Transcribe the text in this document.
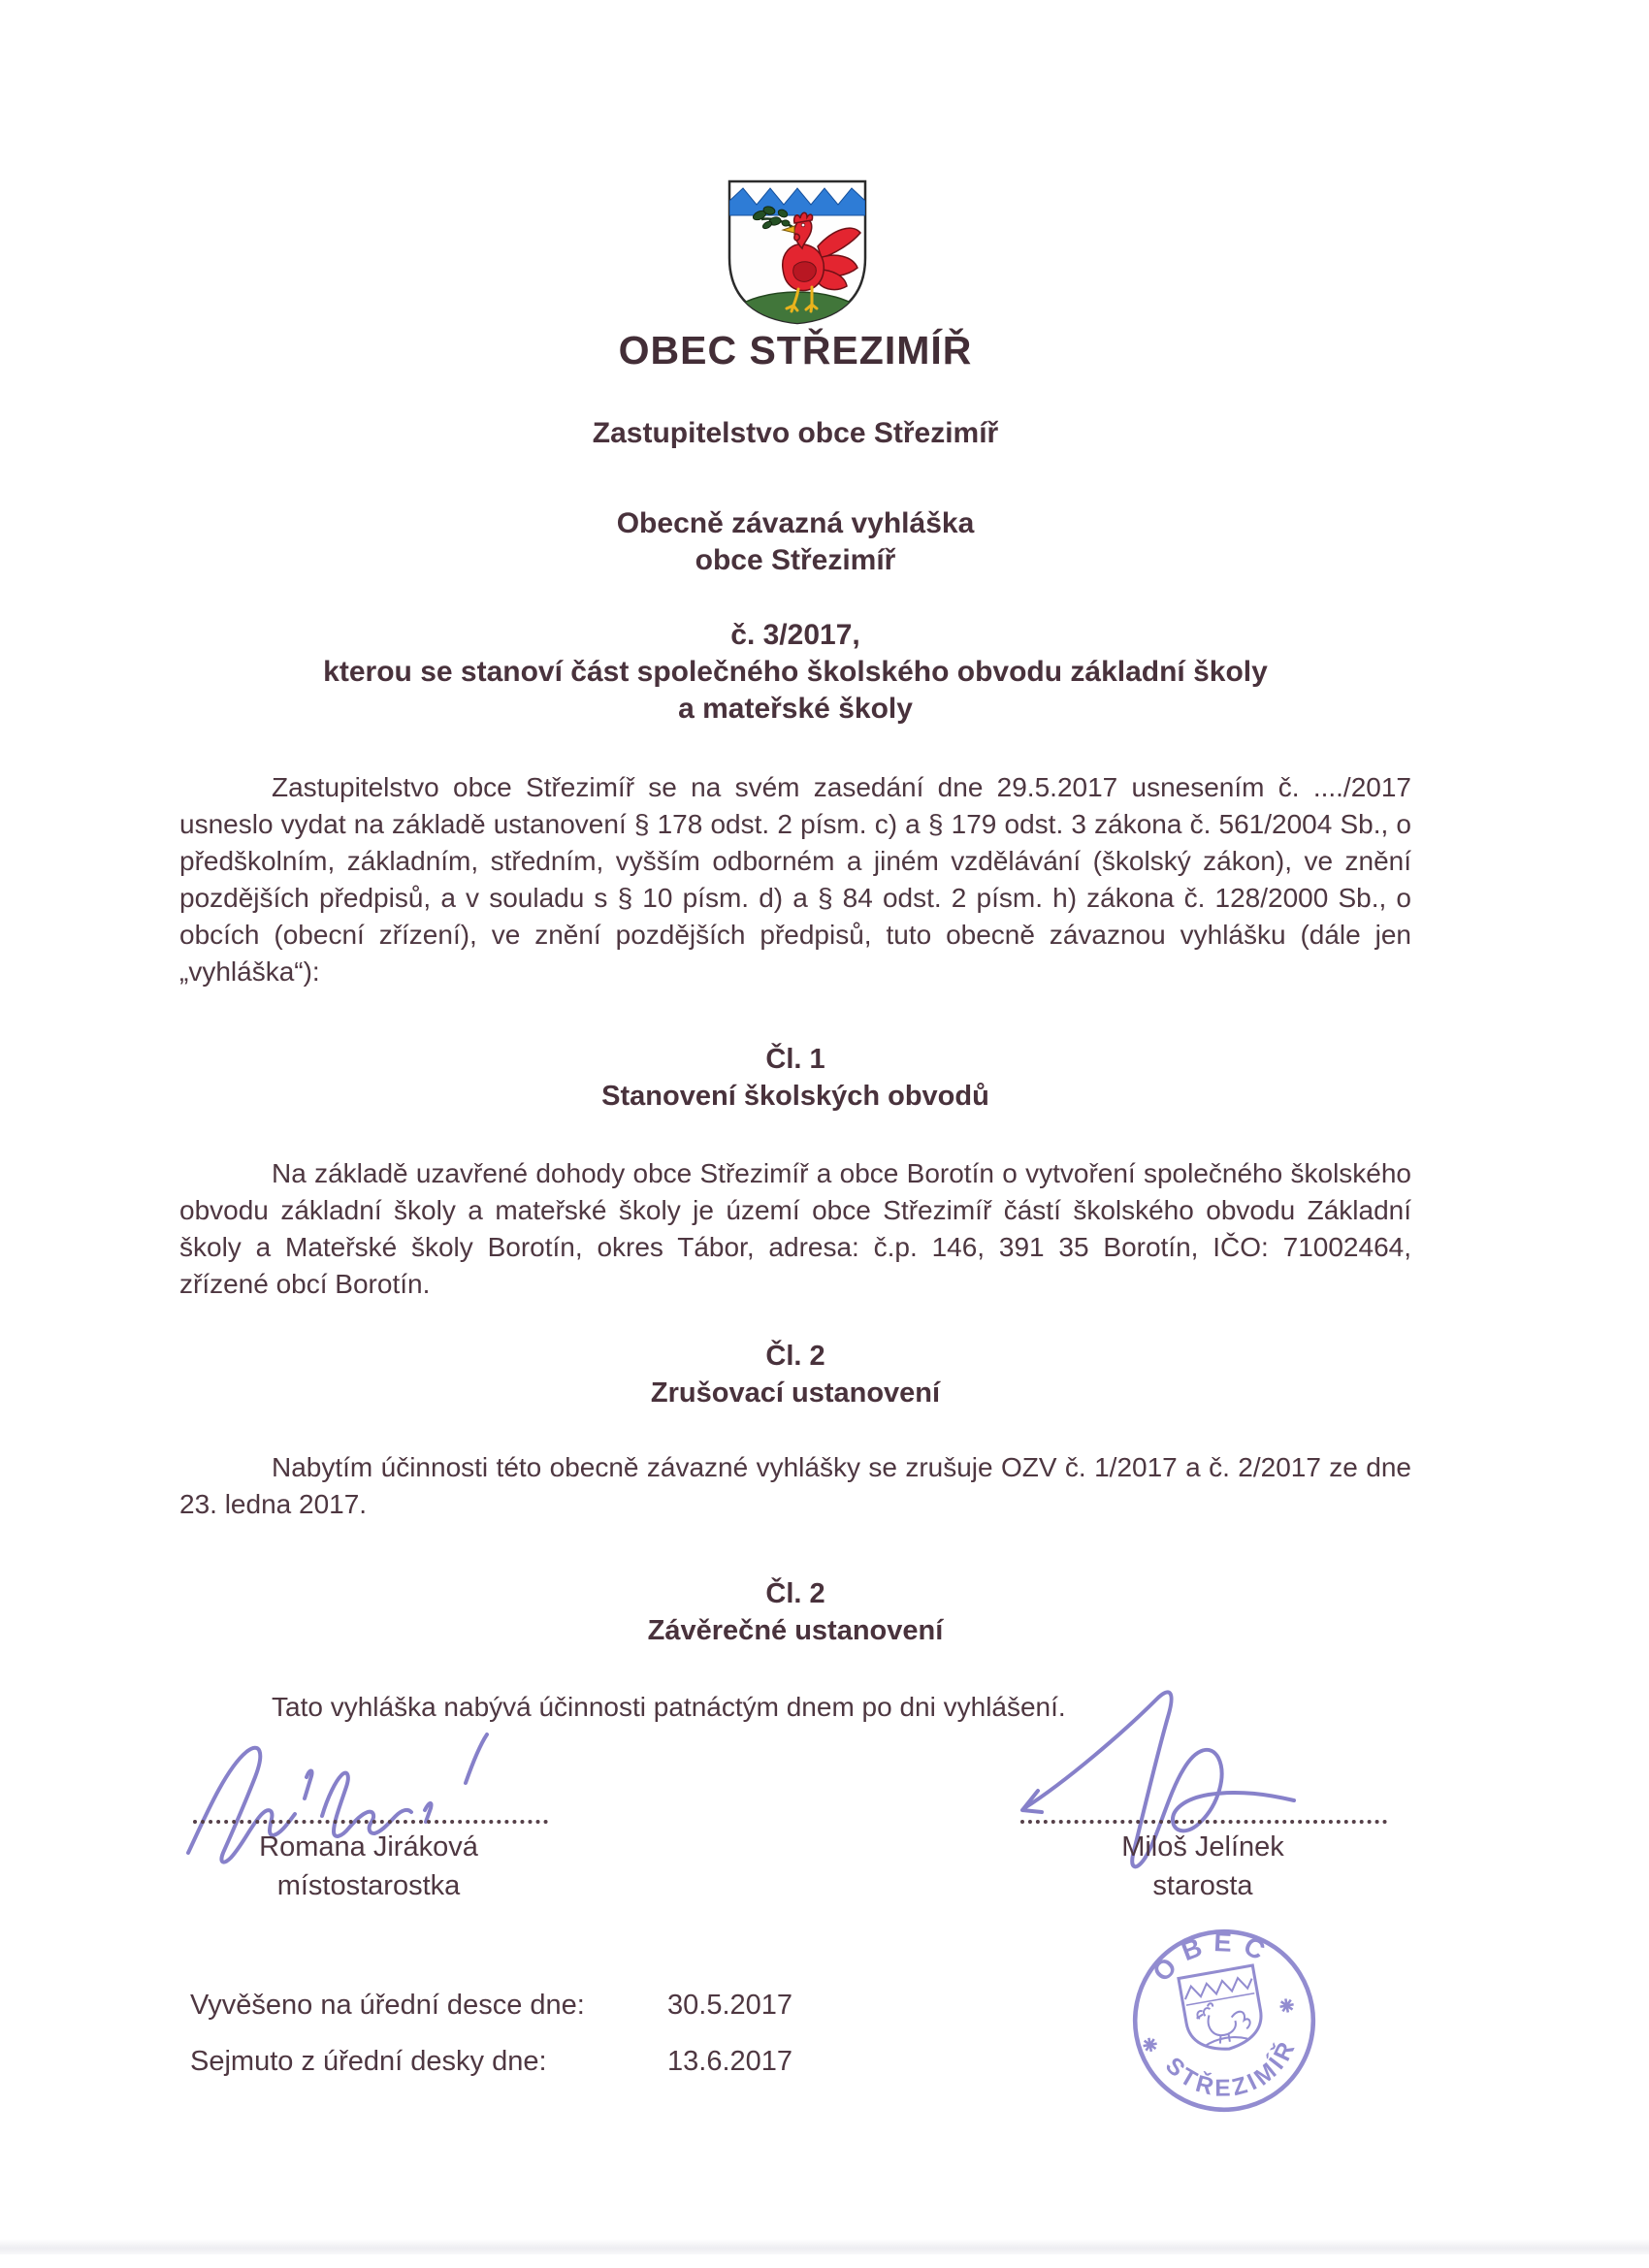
OBEC STŘEZIMÍŘ
Zastupitelstvo obce Střezimíř
Obecně závazná vyhláška
obce Střezimíř
č. 3/2017,
kterou se stanoví část společného školského obvodu základní školy
a mateřské školy
Zastupitelstvo obce Střezimíř se na svém zasedání dne 29.5.2017 usnesením č. ..../2017 usneslo vydat na základě ustanovení § 178 odst. 2 písm. c) a § 179 odst. 3 zákona č. 561/2004 Sb., o předškolním, základním, středním, vyšším odborném a jiném vzdělávání (školský zákon), ve znění pozdějších předpisů, a v souladu s § 10 písm. d) a § 84 odst. 2 písm. h) zákona č. 128/2000 Sb., o obcích (obecní zřízení), ve znění pozdějších předpisů, tuto obecně závaznou vyhlášku (dále jen „vyhláška“):
Čl. 1
Stanovení školských obvodů
Na základě uzavřené dohody obce Střezimíř a obce Borotín o vytvoření společného školského obvodu základní školy a mateřské školy je území obce Střezimíř částí školského obvodu Základní školy a Mateřské školy Borotín, okres Tábor, adresa: č.p. 146, 391 35 Borotín, IČO: 71002464, zřízené obcí Borotín.
Čl. 2
Zrušovací ustanovení
Nabytím účinnosti této obecně závazné vyhlášky se zrušuje OZV č. 1/2017 a č. 2/2017 ze dne 23. ledna 2017.
Čl. 2
Závěrečné ustanovení
Tato vyhláška nabývá účinnosti patnáctým dnem po dni vyhlášení.
Romana Jiráková
místostarostka
Miloš Jelínek
starosta
Vyvěšeno na úřední desce dne:	30.5.2017
Sejmuto z úřední desky dne:	13.6.2017
OBEC
STŘEZIMÍŘ
